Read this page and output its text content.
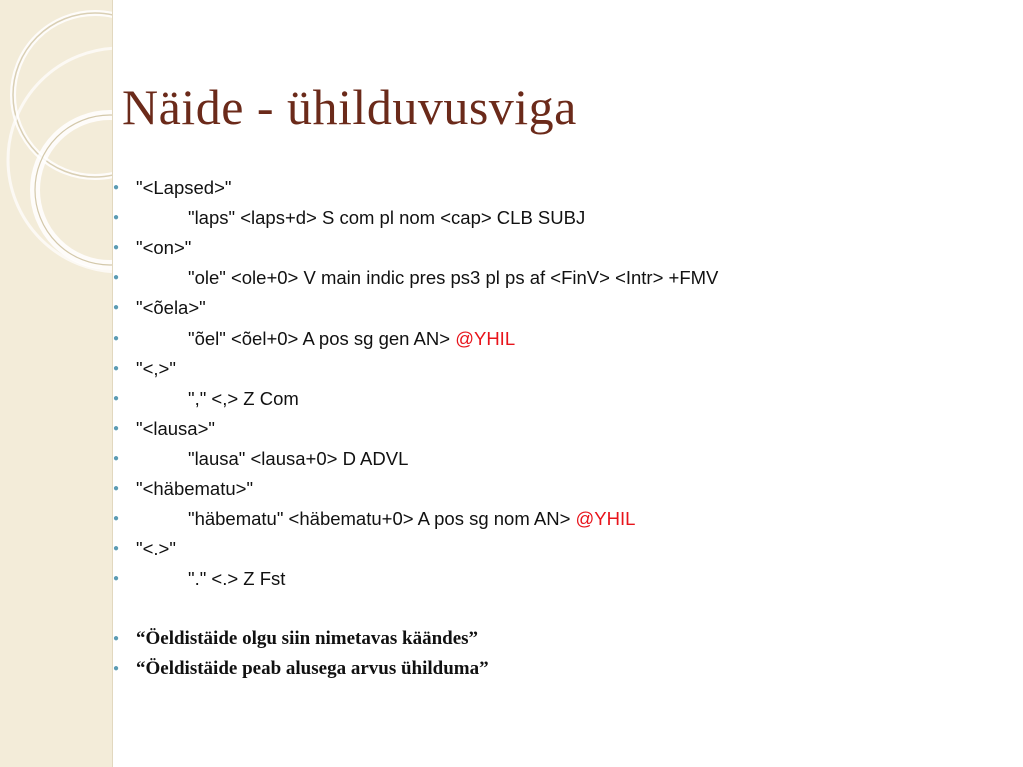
Näide - ühilduvusviga
● "<Lapsed>"
●	"laps" <laps+d> S com pl nom <cap> CLB SUBJ
● "<on>"
●	"ole" <ole+0> V main indic pres ps3 pl ps af <FinV> <Intr> +FMV
● "<õela>"
●	"õel" <õel+0> A pos sg gen AN> @YHIL
● "<,>"
●	"," <,> Z Com
● "<lausa>"
●	"lausa" <lausa+0> D ADVL
● "<häbematu>"
●	"häbematu" <häbematu+0> A pos sg nom AN> @YHIL
● "<.>"
●	"." <.> Z Fst
● “Öeldistäide olgu siin nimetavas käändes”
● “Öeldistäide peab alusega arvus ühilduma”
